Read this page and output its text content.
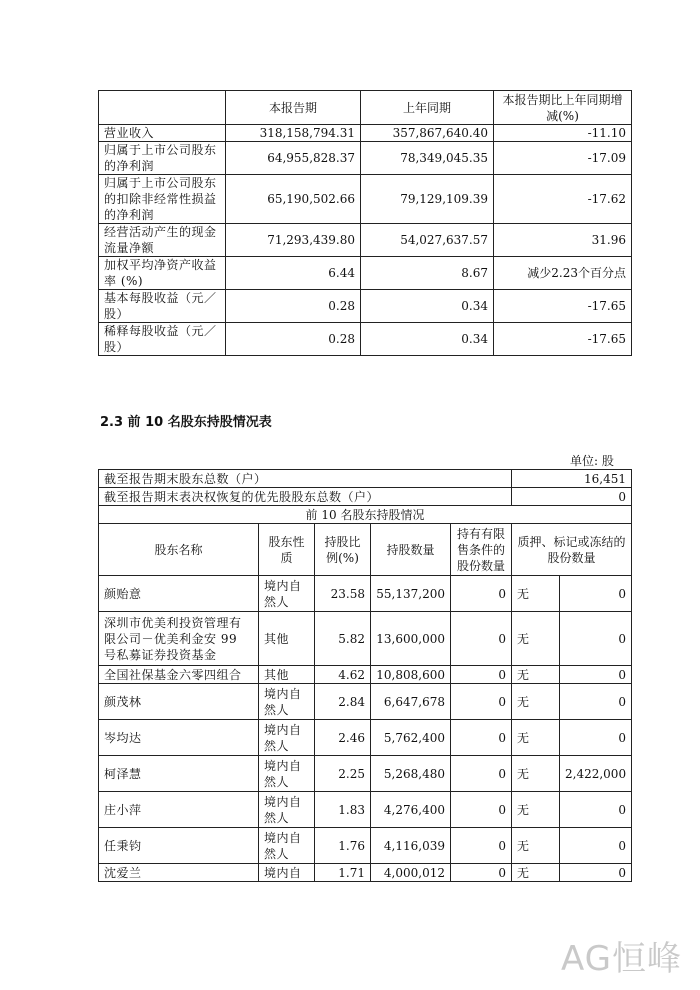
	本报告期	上年同期	本报告期比上年同期增减(%)
营业收入	318,158,794.31	357,867,640.40	-11.10
归属于上市公司股东的净利润	64,955,828.37	78,349,045.35	-17.09
归属于上市公司股东的扣除非经常性损益的净利润	65,190,502.66	79,129,109.39	-17.62
经营活动产生的现金流量净额	71,293,439.80	54,027,637.57	31.96
加权平均净资产收益率 (%)	6.44	8.67	减少2.23个百分点
基本每股收益（元／股）	0.28	0.34	-17.65
稀释每股收益（元／股）	0.28	0.34	-17.65
2.3 前 10 名股东持股情况表
单位: 股
截至报告期末股东总数（户）					16,451	
截至报告期末表决权恢复的优先股股东总数（户）					0	
前 10 名股东持股情况						
股东名称	股东性质	持股比例(%)	持股数量	持有有限售条件的股份数量	质押、标记或冻结的股份数量	
颜贻意	境内自然人	23.58	55,137,200	0	无	0
深圳市优美利投资管理有限公司－优美利金安 99 号私募证券投资基金	其他	5.82	13,600,000	0	无	0
全国社保基金六零四组合	其他	4.62	10,808,600	0	无	0
颜茂林	境内自然人	2.84	6,647,678	0	无	0
岑均达	境内自然人	2.46	5,762,400	0	无	0
柯泽慧	境内自然人	2.25	5,268,480	0	无	2,422,000
庄小萍	境内自然人	1.83	4,276,400	0	无	0
任秉钧	境内自然人	1.76	4,116,039	0	无	0
沈爱兰	境内自	1.71	4,000,012	0	无	0
AG恒峰
